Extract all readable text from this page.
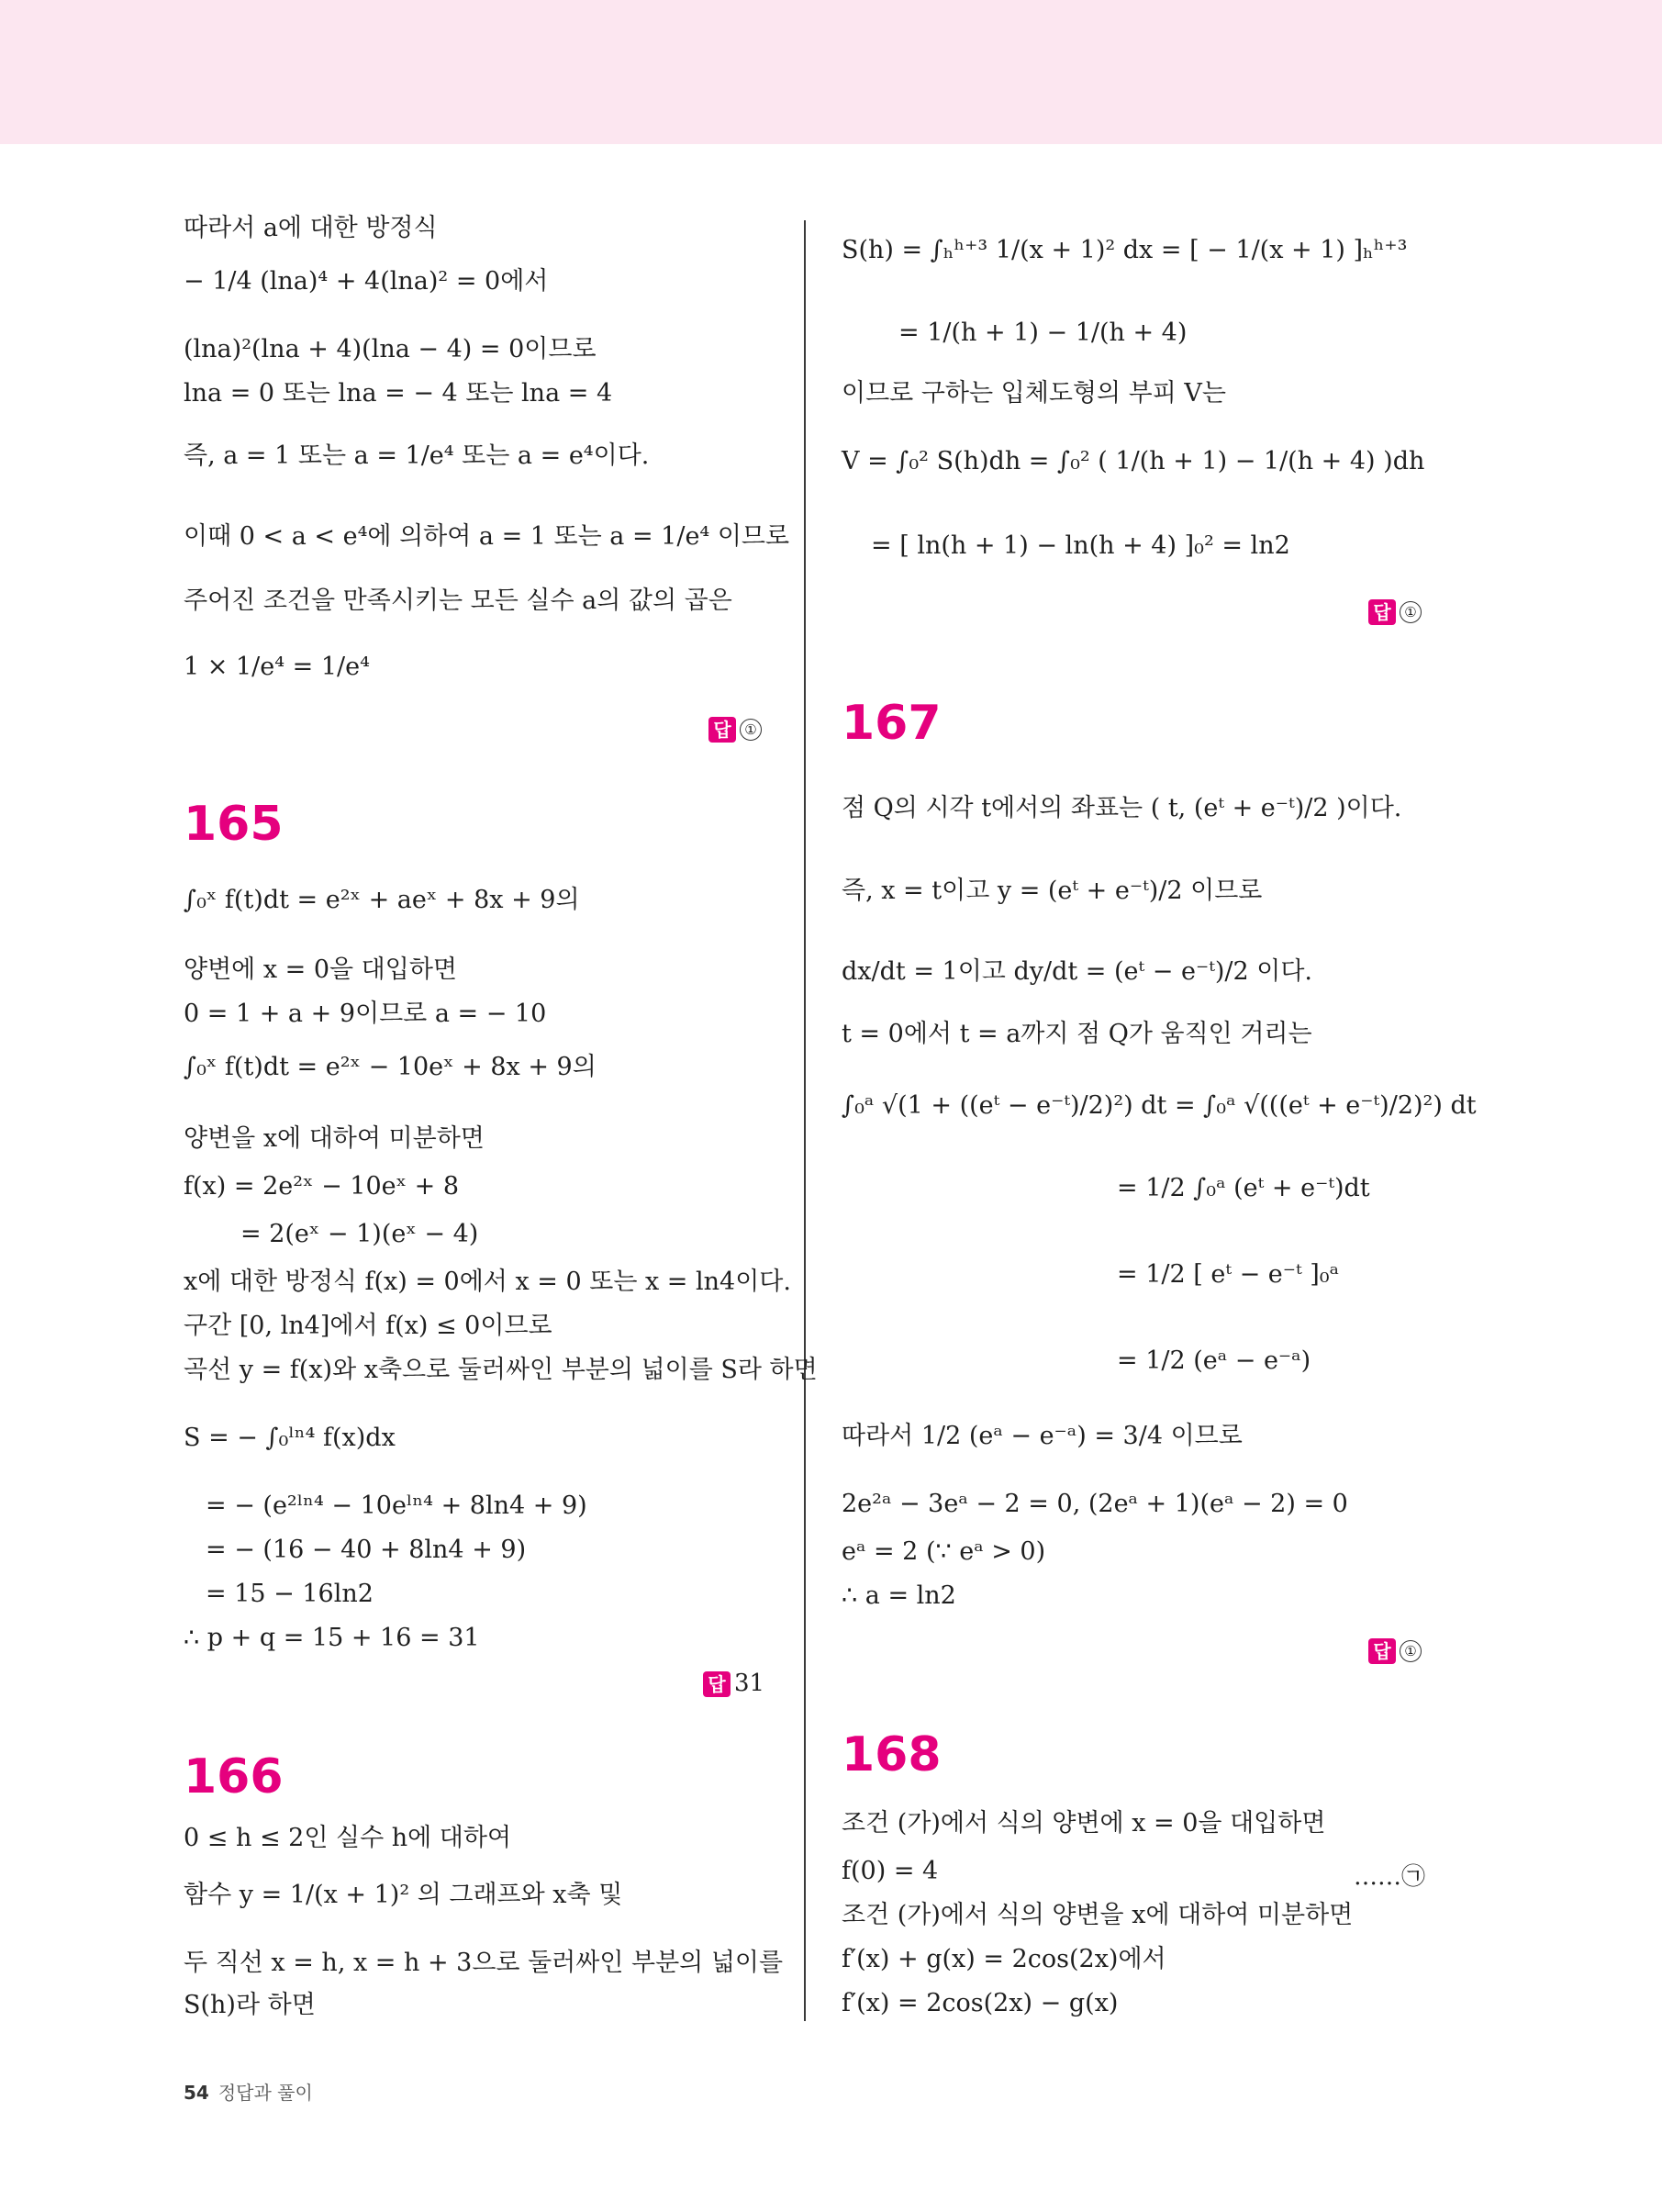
따라서 a에 대한 방정식
− 1/4 (lna)⁴ + 4(lna)² = 0에서
(lna)²(lna + 4)(lna − 4) = 0이므로
lna = 0 또는 lna = − 4 또는 lna = 4
즉, a = 1 또는 a = 1/e⁴ 또는 a = e⁴이다.
이때 0 < a < e⁴에 의하여 a = 1 또는 a = 1/e⁴ 이므로
주어진 조건을 만족시키는 모든 실수 a의 값의 곱은
1 × 1/e⁴ = 1/e⁴
답 ①
165
∫₀ˣ f(t)dt = e²ˣ + aeˣ + 8x + 9의
양변에 x = 0을 대입하면
0 = 1 + a + 9이므로 a = − 10
∫₀ˣ f(t)dt = e²ˣ − 10eˣ + 8x + 9의
양변을 x에 대하여 미분하면
f(x) = 2e²ˣ − 10eˣ + 8
= 2(eˣ − 1)(eˣ − 4)
x에 대한 방정식 f(x) = 0에서 x = 0 또는 x = ln4이다.
구간 [0, ln4]에서 f(x) ≤ 0이므로
곡선 y = f(x)와 x축으로 둘러싸인 부분의 넓이를 S라 하면
S = − ∫₀ˡⁿ⁴ f(x)dx
= − (e²ˡⁿ⁴ − 10eˡⁿ⁴ + 8ln4 + 9)
= − (16 − 40 + 8ln4 + 9)
= 15 − 16ln2
∴ p + q = 15 + 16 = 31
답 31
166
0 ≤ h ≤ 2인 실수 h에 대하여
함수 y = 1/(x + 1)² 의 그래프와 x축 및
두 직선 x = h, x = h + 3으로 둘러싸인 부분의 넓이를
S(h)라 하면
S(h) = ∫ₕʰ⁺³ 1/(x + 1)² dx = [ − 1/(x + 1) ]ₕʰ⁺³
= 1/(h + 1) − 1/(h + 4)
이므로 구하는 입체도형의 부피 V는
V = ∫₀² S(h)dh = ∫₀² ( 1/(h + 1) − 1/(h + 4) )dh
= [ ln(h + 1) − ln(h + 4) ]₀² = ln2
답 ①
167
점 Q의 시각 t에서의 좌표는 ( t, (eᵗ + e⁻ᵗ)/2 )이다.
즉, x = t이고 y = (eᵗ + e⁻ᵗ)/2 이므로
dx/dt = 1이고 dy/dt = (eᵗ − e⁻ᵗ)/2 이다.
t = 0에서 t = a까지 점 Q가 움직인 거리는
∫₀ᵃ √(1 + ((eᵗ − e⁻ᵗ)/2)²) dt = ∫₀ᵃ √(((eᵗ + e⁻ᵗ)/2)²) dt
= 1/2 ∫₀ᵃ (eᵗ + e⁻ᵗ)dt
= 1/2 [ eᵗ − e⁻ᵗ ]₀ᵃ
= 1/2 (eᵃ − e⁻ᵃ)
따라서 1/2 (eᵃ − e⁻ᵃ) = 3/4 이므로
2e²ᵃ − 3eᵃ − 2 = 0, (2eᵃ + 1)(eᵃ − 2) = 0
eᵃ = 2 (∵ eᵃ > 0)
∴ a = ln2
답 ①
168
조건 (가)에서 식의 양변에 x = 0을 대입하면
f(0) = 4	……㉠
조건 (가)에서 식의 양변을 x에 대하여 미분하면
f′(x) + g(x) = 2cos(2x)에서
f′(x) = 2cos(2x) − g(x)
54 정답과 풀이
